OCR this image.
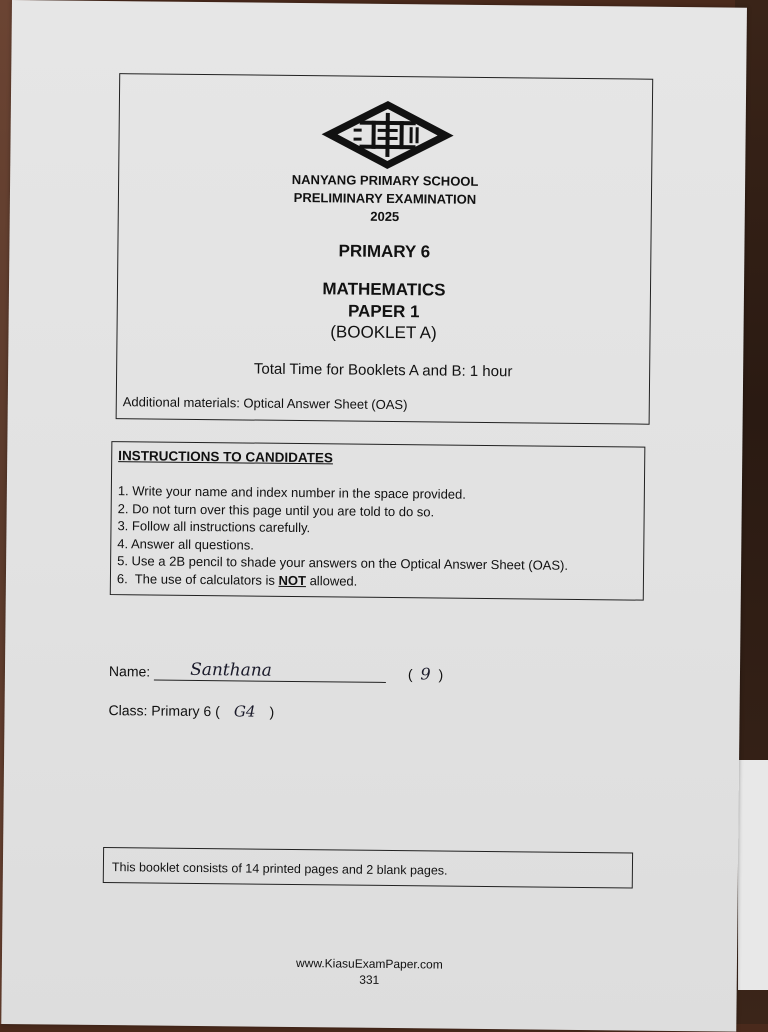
NANYANG PRIMARY SCHOOL
PRELIMINARY EXAMINATION
2025
PRIMARY 6
MATHEMATICS
PAPER 1
(BOOKLET A)
Total Time for Booklets A and B: 1 hour
Additional materials: Optical Answer Sheet (OAS)
INSTRUCTIONS TO CANDIDATES
1. Write your name and index number in the space provided.
2. Do not turn over this page until you are told to do so.
3. Follow all instructions carefully.
4. Answer all questions.
5. Use a 2B pencil to shade your answers on the Optical Answer Sheet (OAS).
6.  The use of calculators is NOT allowed.
Name: Santhana	( 9 )
Class: Primary 6 ( G4 )
This booklet consists of 14 printed pages and 2 blank pages.
www.KiasuExamPaper.com
331
